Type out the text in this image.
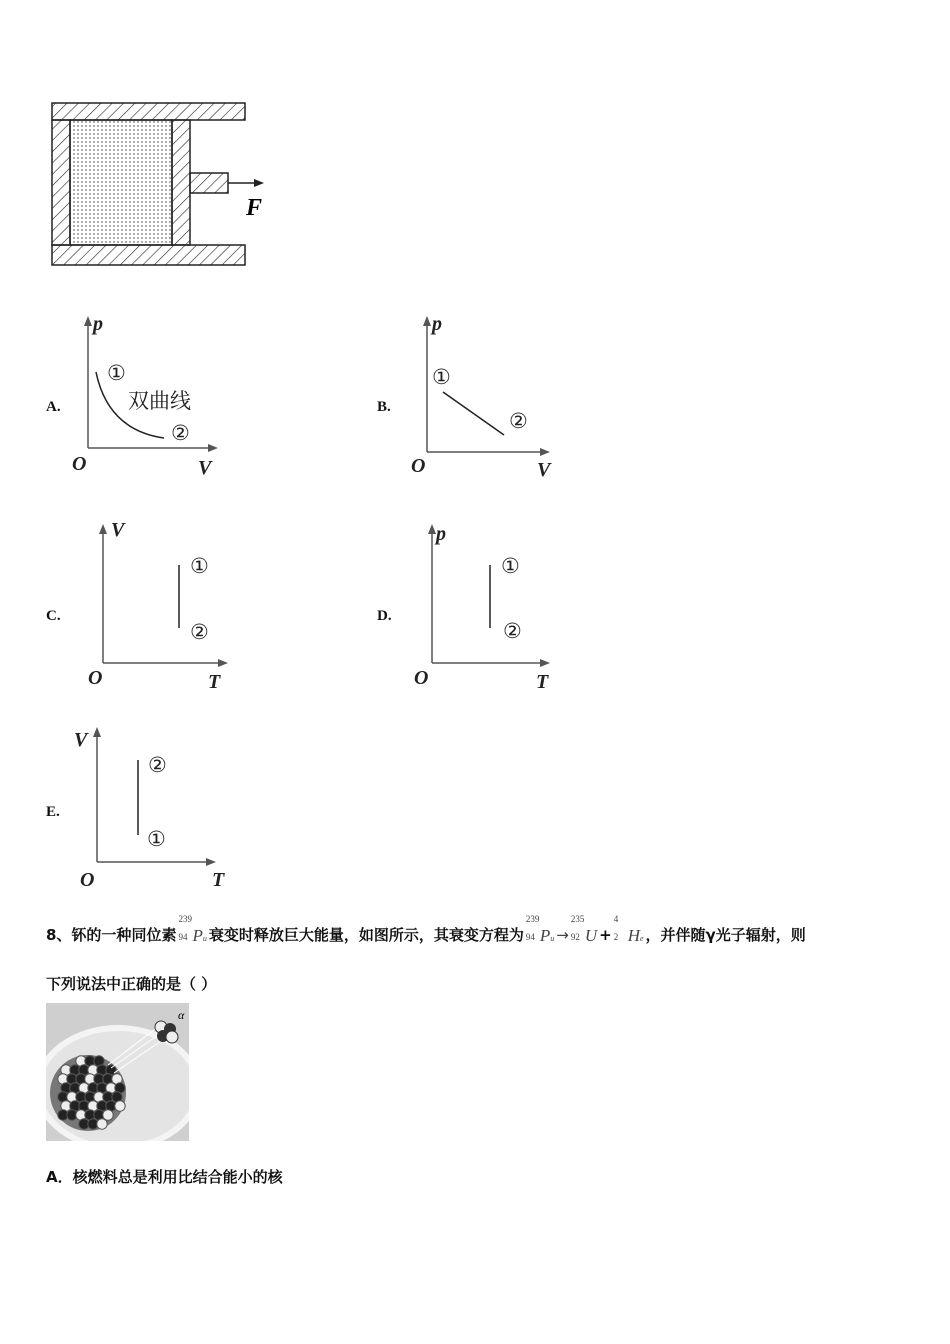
F
A.
p
O	V
p
O	V
V
O	T
p
O	T
V
O	T
①
②
双曲线
①
②
①
②
①
②
①
②
B.
C.	D.
E.
8、钚的一种同位素
239
94 Pu 衰变时释放巨大能量，如图所示，其衰变方程为
239
94 Pu →
235
92 U +
4
2 He ，并伴随γ光子辐射，则
下列说法中正确的是（ ）
α
A．核燃料总是利用比结合能小的核
